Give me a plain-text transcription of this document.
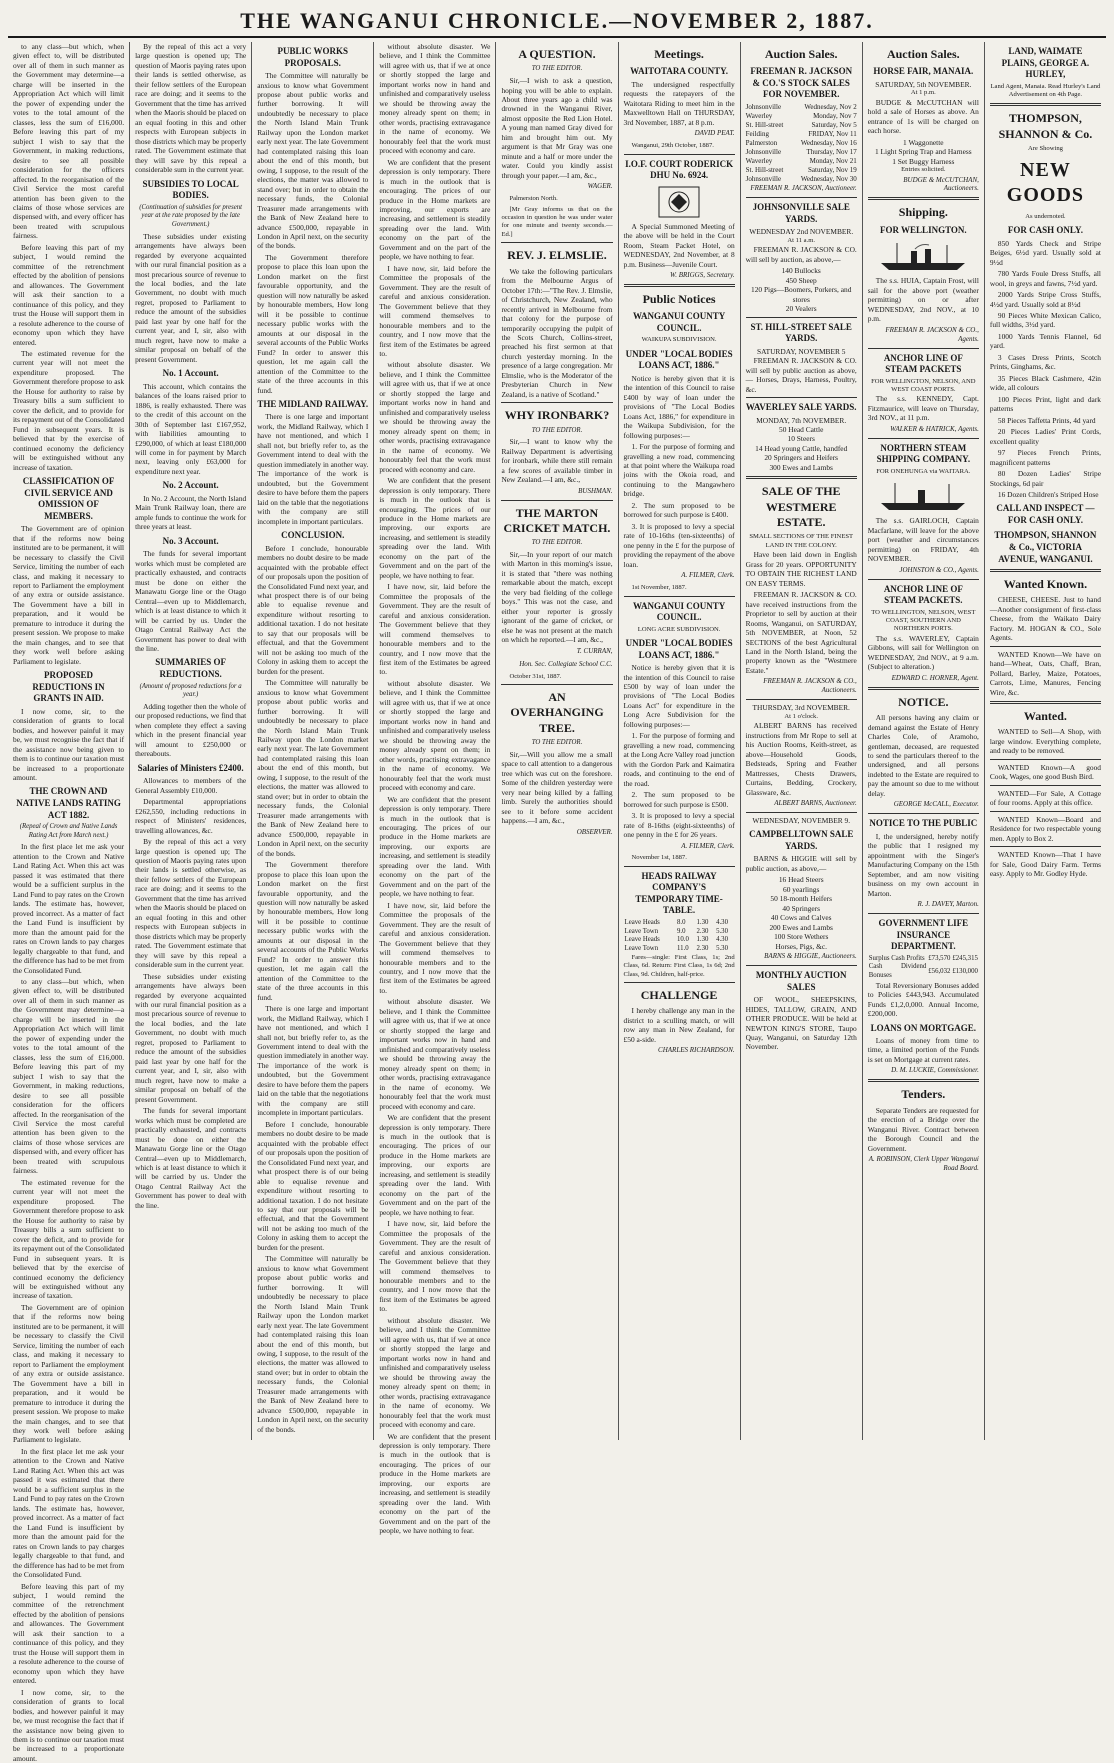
THE WANGANUI CHRONICLE.—NOVEMBER 2, 1887.

to any class—but which, when given effect to, will be distributed over all of them in such manner as the Government may determine—a charge will be inserted in the Appropriation Act which will limit the power of expending under the votes to the total amount of the classes, less the sum of £16,000. Before leaving this part of my subject I wish to say that the Government, in making reductions, desire to see all possible consideration for the officers affected. In the reorganisation of the Civil Service the most careful attention has been given to the claims of those whose services are dispensed with, and every officer has been treated with scrupulous fairness.

Before leaving this part of my subject, I would remind the committee of the retrenchment effected by the abolition of pensions and allowances. The Government will ask their sanction to a continuance of this policy, and they trust the House will support them in a resolute adherence to the course of economy upon which they have entered.

The estimated revenue for the current year will not meet the expenditure proposed. The Government therefore propose to ask the House for authority to raise by Treasury bills a sum sufficient to cover the deficit, and to provide for its repayment out of the Consolidated Fund in subsequent years. It is believed that by the exercise of continued economy the deficiency will be extinguished without any increase of taxation.

CLASSIFICATION OF CIVIL SERVICE AND OMISSION OF MEMBERS.

The Government are of opinion that if the reforms now being instituted are to be permanent, it will be necessary to classify the Civil Service, limiting the number of each class, and making it necessary to report to Parliament the employment of any extra or outside assistance. The Government have a bill in preparation, and it would be premature to introduce it during the present session. We propose to make the main changes, and to see that they work well before asking Parliament to legislate.

PROPOSED REDUCTIONS IN GRANTS IN AID.

I now come, sir, to the consideration of grants to local bodies, and however painful it may be, we must recognise the fact that if the assistance now being given to them is to continue our taxation must be increased to a proportionate amount.

THE CROWN AND NATIVE LANDS RATING ACT 1882.
(Repeal of Crown and Native Lands Rating Act from March next.)

In the first place let me ask your attention to the Crown and Native Land Rating Act. When this act was passed it was estimated that there would be a sufficient surplus in the Land Fund to pay rates on the Crown lands. The estimate has, however, proved incorrect. As a matter of fact the Land Fund is insufficient by more than the amount paid for the rates on Crown lands to pay charges legally chargeable to that fund, and the difference has had to be met from the Consolidated Fund.

to any class—but which, when given effect to, will be distributed over all of them in such manner as the Government may determine—a charge will be inserted in the Appropriation Act which will limit the power of expending under the votes to the total amount of the classes, less the sum of £16,000. Before leaving this part of my subject I wish to say that the Government, in making reductions, desire to see all possible consideration for the officers affected. In the reorganisation of the Civil Service the most careful attention has been given to the claims of those whose services are dispensed with, and every officer has been treated with scrupulous fairness.

The estimated revenue for the current year will not meet the expenditure proposed. The Government therefore propose to ask the House for authority to raise by Treasury bills a sum sufficient to cover the deficit, and to provide for its repayment out of the Consolidated Fund in subsequent years. It is believed that by the exercise of continued economy the deficiency will be extinguished without any increase of taxation.

The Government are of opinion that if the reforms now being instituted are to be permanent, it will be necessary to classify the Civil Service, limiting the number of each class, and making it necessary to report to Parliament the employment of any extra or outside assistance. The Government have a bill in preparation, and it would be premature to introduce it during the present session. We propose to make the main changes, and to see that they work well before asking Parliament to legislate.

In the first place let me ask your attention to the Crown and Native Land Rating Act. When this act was passed it was estimated that there would be a sufficient surplus in the Land Fund to pay rates on the Crown lands. The estimate has, however, proved incorrect. As a matter of fact the Land Fund is insufficient by more than the amount paid for the rates on Crown lands to pay charges legally chargeable to that fund, and the difference has had to be met from the Consolidated Fund.

Before leaving this part of my subject, I would remind the committee of the retrenchment effected by the abolition of pensions and allowances. The Government will ask their sanction to a continuance of this policy, and they trust the House will support them in a resolute adherence to the course of economy upon which they have entered.

I now come, sir, to the consideration of grants to local bodies, and however painful it may be, we must recognise the fact that if the assistance now being given to them is to continue our taxation must be increased to a proportionate amount.

By the repeal of this act a very large question is opened up; The question of Maoris paying rates upon their lands is settled otherwise, as their fellow settlers of the European race are doing; and it seems to the Government that the time has arrived when the Maoris should be placed on an equal footing in this and other respects with European subjects in those districts which may be properly rated. The Government estimate that they will save by this repeal a considerable sum in the current year.

SUBSIDIES TO LOCAL BODIES.
(Continuation of subsidies for present year at the rate proposed by the late Government.)

These subsidies under existing arrangements have always been regarded by everyone acquainted with our rural financial position as a most precarious source of revenue to the local bodies, and the late Government, no doubt with much regret, proposed to Parliament to reduce the amount of the subsidies paid last year by one half for the current year, and I, sir, also with much regret, have now to make a similar proposal on behalf of the present Government.

No. 1 Account.

This account, which contains the balances of the loans raised prior to 1886, is really exhausted. There was to the credit of this account on the 30th of September last £167,952, with liabilities amounting to £290,000, of which at least £180,000 will come in for payment by March next, leaving only £63,000 for expenditure next year.

No. 2 Account.

In No. 2 Account, the North Island Main Trunk Railway loan, there are ample funds to continue the work for three years at least.

No. 3 Account.

The funds for several important works which must be completed are practically exhausted, and contracts must be done on either the Manawatu Gorge line or the Otago Central—even up to Middlemarch, which is at least distance to which it will be carried by us. Under the Otago Central Railway Act the Government has power to deal with the line.

SUMMARIES OF REDUCTIONS.
(Amount of proposed reductions for a year.)

Adding together then the whole of our proposed reductions, we find that when complete they effect a saving which in the present financial year will amount to £250,000 or thereabouts.

Salaries of Ministers £2400.

Allowances to members of the General Assembly £10,000.

Departmental appropriations £262,550, including reductions in respect of Ministers' residences, travelling allowances, &c.

By the repeal of this act a very large question is opened up; The question of Maoris paying rates upon their lands is settled otherwise, as their fellow settlers of the European race are doing; and it seems to the Government that the time has arrived when the Maoris should be placed on an equal footing in this and other respects with European subjects in those districts which may be properly rated. The Government estimate that they will save by this repeal a considerable sum in the current year.

These subsidies under existing arrangements have always been regarded by everyone acquainted with our rural financial position as a most precarious source of revenue to the local bodies, and the late Government, no doubt with much regret, proposed to Parliament to reduce the amount of the subsidies paid last year by one half for the current year, and I, sir, also with much regret, have now to make a similar proposal on behalf of the present Government.

The funds for several important works which must be completed are practically exhausted, and contracts must be done on either the Manawatu Gorge line or the Otago Central—even up to Middlemarch, which is at least distance to which it will be carried by us. Under the Otago Central Railway Act the Government has power to deal with the line.

PUBLIC WORKS PROPOSALS.

The Committee will naturally be anxious to know what Government propose about public works and further borrowing. It will undoubtedly be necessary to place the North Island Main Trunk Railway upon the London market early next year. The late Government had contemplated raising this loan about the end of this month, but owing, I suppose, to the result of the elections, the matter was allowed to stand over; but in order to obtain the necessary funds, the Colonial Treasurer made arrangements with the Bank of New Zealand here to advance £500,000, repayable in London in April next, on the security of the bonds.

The Government therefore propose to place this loan upon the London market on the first favourable opportunity, and the question will now naturally be asked by honourable members, How long will it be possible to continue necessary public works with the amounts at our disposal in the several accounts of the Public Works Fund? In order to answer this question, let me again call the attention of the Committee to the state of the three accounts in this fund.

THE MIDLAND RAILWAY.

There is one large and important work, the Midland Railway, which I have not mentioned, and which I shall not, but briefly refer to, as the Government intend to deal with the question immediately in another way. The importance of the work is undoubted, but the Government desire to have before them the papers laid on the table that the negotiations with the company are still incomplete in important particulars.

CONCLUSION.

Before I conclude, honourable members no doubt desire to be made acquainted with the probable effect of our proposals upon the position of the Consolidated Fund next year, and what prospect there is of our being able to equalise revenue and expenditure without resorting to additional taxation. I do not hesitate to say that our proposals will be effectual, and that the Government will not be asking too much of the Colony in asking them to accept the burden for the present.

The Committee will naturally be anxious to know what Government propose about public works and further borrowing. It will undoubtedly be necessary to place the North Island Main Trunk Railway upon the London market early next year. The late Government had contemplated raising this loan about the end of this month, but owing, I suppose, to the result of the elections, the matter was allowed to stand over; but in order to obtain the necessary funds, the Colonial Treasurer made arrangements with the Bank of New Zealand here to advance £500,000, repayable in London in April next, on the security of the bonds.

The Government therefore propose to place this loan upon the London market on the first favourable opportunity, and the question will now naturally be asked by honourable members, How long will it be possible to continue necessary public works with the amounts at our disposal in the several accounts of the Public Works Fund? In order to answer this question, let me again call the attention of the Committee to the state of the three accounts in this fund.

There is one large and important work, the Midland Railway, which I have not mentioned, and which I shall not, but briefly refer to, as the Government intend to deal with the question immediately in another way. The importance of the work is undoubted, but the Government desire to have before them the papers laid on the table that the negotiations with the company are still incomplete in important particulars.

Before I conclude, honourable members no doubt desire to be made acquainted with the probable effect of our proposals upon the position of the Consolidated Fund next year, and what prospect there is of our being able to equalise revenue and expenditure without resorting to additional taxation. I do not hesitate to say that our proposals will be effectual, and that the Government will not be asking too much of the Colony in asking them to accept the burden for the present.

The Committee will naturally be anxious to know what Government propose about public works and further borrowing. It will undoubtedly be necessary to place the North Island Main Trunk Railway upon the London market early next year. The late Government had contemplated raising this loan about the end of this month, but owing, I suppose, to the result of the elections, the matter was allowed to stand over; but in order to obtain the necessary funds, the Colonial Treasurer made arrangements with the Bank of New Zealand here to advance £500,000, repayable in London in April next, on the security of the bonds.

without absolute disaster. We believe, and I think the Committee will agree with us, that if we at once or shortly stopped the large and important works now in hand and unfinished and comparatively useless we should be throwing away the money already spent on them; in other words, practising extravagance in the name of economy. We honourably feel that the work must proceed with economy and care.

We are confident that the present depression is only temporary. There is much in the outlook that is encouraging. The prices of our produce in the Home markets are improving, our exports are increasing, and settlement is steadily spreading over the land. With economy on the part of the Government and on the part of the people, we have nothing to fear.

I have now, sir, laid before the Committee the proposals of the Government. They are the result of careful and anxious consideration. The Government believe that they will commend themselves to honourable members and to the country, and I now move that the first item of the Estimates be agreed to.

without absolute disaster. We believe, and I think the Committee will agree with us, that if we at once or shortly stopped the large and important works now in hand and unfinished and comparatively useless we should be throwing away the money already spent on them; in other words, practising extravagance in the name of economy. We honourably feel that the work must proceed with economy and care.

We are confident that the present depression is only temporary. There is much in the outlook that is encouraging. The prices of our produce in the Home markets are improving, our exports are increasing, and settlement is steadily spreading over the land. With economy on the part of the Government and on the part of the people, we have nothing to fear.

I have now, sir, laid before the Committee the proposals of the Government. They are the result of careful and anxious consideration. The Government believe that they will commend themselves to honourable members and to the country, and I now move that the first item of the Estimates be agreed to.

without absolute disaster. We believe, and I think the Committee will agree with us, that if we at once or shortly stopped the large and important works now in hand and unfinished and comparatively useless we should be throwing away the money already spent on them; in other words, practising extravagance in the name of economy. We honourably feel that the work must proceed with economy and care.

We are confident that the present depression is only temporary. There is much in the outlook that is encouraging. The prices of our produce in the Home markets are improving, our exports are increasing, and settlement is steadily spreading over the land. With economy on the part of the Government and on the part of the people, we have nothing to fear.

I have now, sir, laid before the Committee the proposals of the Government. They are the result of careful and anxious consideration. The Government believe that they will commend themselves to honourable members and to the country, and I now move that the first item of the Estimates be agreed to.

without absolute disaster. We believe, and I think the Committee will agree with us, that if we at once or shortly stopped the large and important works now in hand and unfinished and comparatively useless we should be throwing away the money already spent on them; in other words, practising extravagance in the name of economy. We honourably feel that the work must proceed with economy and care.

We are confident that the present depression is only temporary. There is much in the outlook that is encouraging. The prices of our produce in the Home markets are improving, our exports are increasing, and settlement is steadily spreading over the land. With economy on the part of the Government and on the part of the people, we have nothing to fear.

I have now, sir, laid before the Committee the proposals of the Government. They are the result of careful and anxious consideration. The Government believe that they will commend themselves to honourable members and to the country, and I now move that the first item of the Estimates be agreed to.

without absolute disaster. We believe, and I think the Committee will agree with us, that if we at once or shortly stopped the large and important works now in hand and unfinished and comparatively useless we should be throwing away the money already spent on them; in other words, practising extravagance in the name of economy. We honourably feel that the work must proceed with economy and care.

We are confident that the present depression is only temporary. There is much in the outlook that is encouraging. The prices of our produce in the Home markets are improving, our exports are increasing, and settlement is steadily spreading over the land. With economy on the part of the Government and on the part of the people, we have nothing to fear.

A QUESTION.
TO THE EDITOR.

Sir,—I wish to ask a question, hoping you will be able to explain. About three years ago a child was drowned in the Wanganui River, almost opposite the Red Lion Hotel. A young man named Gray dived for him and brought him out. My argument is that Mr Gray was one minute and a half or more under the water. Could you kindly assist through your paper.—I am, &c.,

WAGER.

Palmerston North.

[Mr Gray informs us that on the occasion in question he was under water for one minute and twenty seconds.—Ed.]

REV. J. ELMSLIE.

We take the following particulars from the Melbourne Argus of October 17th:—"The Rev. J. Elmslie, of Christchurch, New Zealand, who recently arrived in Melbourne from that colony for the purpose of temporarily occupying the pulpit of the Scots Church, Collins-street, preached his first sermon at that church yesterday morning. In the presence of a large congregation. Mr Elmslie, who is the Moderator of the Presbyterian Church in New Zealand, is a native of Scotland."

WHY IRONBARK?
TO THE EDITOR.

Sir,—I want to know why the Railway Department is advertising for ironbark, while there still remain a few scores of available timber in New Zealand.—I am, &c.,

BUSHMAN.
THE MARTON CRICKET MATCH.
TO THE EDITOR.

Sir,—In your report of our match with Marton in this morning's issue, it is stated that "there was nothing remarkable about the match, except the very bad fielding of the college boys." This was not the case, and either your reporter is grossly ignorant of the game of cricket, or else he was not present at the match on which he reported.—I am, &c.,

T. CURRAN,
Hon. Sec. Collegiate School C.C.

October 31st, 1887.

AN OVERHANGING TREE.
TO THE EDITOR.

Sir,—Will you allow me a small space to call attention to a dangerous tree which was cut on the foreshore. Some of the children yesterday were very near being killed by a falling limb. Surely the authorities should see to it before some accident happens.—I am, &c.,

OBSERVER.
Meetings.
WAITOTARA COUNTY.

The undersigned respectfully requests the ratepayers of the Waitotara Riding to meet him in the Maxwelltown Hall on THURSDAY, 3rd November, 1887, at 8 p.m.

DAVID PEAT.

Wanganui, 29th October, 1887.

I.O.F. COURT RODERICK DHU No. 6924.

A Special Summoned Meeting of the above will be held in the Court Room, Steam Packet Hotel, on WEDNESDAY, 2nd November, at 8 p.m. Business—Juvenile Court.

W. BRIGGS, Secretary.
Public Notices
WANGANUI COUNTY COUNCIL.
WAIKUPA SUBDIVISION.
UNDER "LOCAL BODIES LOANS ACT, 1886."

Notice is hereby given that it is the intention of this Council to raise £400 by way of loan under the provisions of "The Local Bodies Loans Act, 1886," for expenditure in the Waikupa Subdivision, for the following purposes:—

1. For the purpose of forming and gravelling a new road, commencing at that point where the Waikupa road joins with the Okoia road, and continuing to the Mangawhero bridge.

2. The sum proposed to be borrowed for such purpose is £400.

3. It is proposed to levy a special rate of 10-16ths (ten-sixteenths) of one penny in the £ for the purpose of providing the repayment of the above loan.

A. FILMER, Clerk.

1st November, 1887.

WANGANUI COUNTY COUNCIL.
LONG ACRE SUBDIVISION.
UNDER "LOCAL BODIES LOANS ACT, 1886."

Notice is hereby given that it is the intention of this Council to raise £500 by way of loan under the provisions of "The Local Bodies Loans Act" for expenditure in the Long Acre Subdivision for the following purposes:—

1. For the purpose of forming and gravelling a new road, commencing at the Long Acre Valley road junction with the Gordon Park and Kaimatira roads, and continuing to the end of the road.

2. The sum proposed to be borrowed for such purpose is £500.

3. It is proposed to levy a special rate of 8-16ths (eight-sixteenths) of one penny in the £ for 26 years.

A. FILMER, Clerk.

November 1st, 1887.

HEADS RAILWAY COMPANY'S TEMPORARY TIME-TABLE.
Leave Heads	8.0	1.30	4.30
Leave Town	9.0	2.30	5.30
Leave Heads	10.0	1.30	4.30
Leave Town	11.0	2.30	5.30

Fares—single: First Class, 1s; 2nd Class, 6d. Return: First Class, 1s 6d; 2nd Class, 9d. Children, half-price.

CHALLENGE

I hereby challenge any man in the district to a sculling match, or will row any man in New Zealand, for £50 a-side.

CHARLES RICHARDSON.
Auction Sales.
FREEMAN R. JACKSON & CO.'S STOCK SALES FOR NOVEMBER.
Johnsonville	Wednesday, Nov 2
Waverley	Monday, Nov 7
St. Hill-street	Saturday, Nov 5
Feilding	FRIDAY, Nov 11
Palmerston	Wednesday, Nov 16
Johnsonville	Thursday, Nov 17
Waverley	Monday, Nov 21
St. Hill-street	Saturday, Nov 19
Johnsonville	Wednesday, Nov 30
FREEMAN R. JACKSON, Auctioneer.
JOHNSONVILLE SALE YARDS.
WEDNESDAY 2nd NOVEMBER.
At 11 a.m.

FREEMAN R. JACKSON & CO. will sell by auction, as above,—

140 Bullocks
450 Sheep
120 Pigs—Boomers, Porkers, and stores
20 Vealers
ST. HILL-STREET SALE YARDS.
SATURDAY, NOVEMBER 5

FREEMAN R. JACKSON & CO. will sell by public auction as above,— Horses, Drays, Harness, Poultry, &c.

WAVERLEY SALE YARDS.
MONDAY, 7th NOVEMBER.
50 Head Cattle
10 Steers
14 Head young Cattle, handfed
20 Springers and Heifers
300 Ewes and Lambs
SALE OF THE WESTMERE ESTATE.
SMALL SECTIONS OF THE FINEST LAND IN THE COLONY.

Have been laid down in English Grass for 20 years. OPPORTUNITY TO OBTAIN THE RICHEST LAND ON EASY TERMS.

FREEMAN R. JACKSON & CO. have received instructions from the Proprietor to sell by auction at their Rooms, Wanganui, on SATURDAY, 5th NOVEMBER, at Noon, 52 SECTIONS of the best Agricultural Land in the North Island, being the property known as the "Westmere Estate."

FREEMAN R. JACKSON & CO., Auctioneers.
THURSDAY, 3rd NOVEMBER.
At 1 o'clock.

ALBERT BARNS has received instructions from Mr Rope to sell at his Auction Rooms, Keith-street, as above—Household Goods, Bedsteads, Spring and Feather Mattresses, Chests Drawers, Curtains, Bedding, Crockery, Glassware, &c.

ALBERT BARNS, Auctioneer.
WEDNESDAY, NOVEMBER 9.
CAMPBELLTOWN SALE YARDS.

BARNS & HIGGIE will sell by public auction, as above,—

16 Head Steers
60 yearlings
50 18-month Heifers
40 Springers
40 Cows and Calves
200 Ewes and Lambs
100 Store Wethers
Horses, Pigs, &c.
BARNS & HIGGIE, Auctioneers.
MONTHLY AUCTION SALES

OF WOOL, SHEEPSKINS, HIDES, TALLOW, GRAIN, AND OTHER PRODUCE. Will be held at NEWTON KING'S STORE, Taupo Quay, Wanganui, on Saturday 12th November.

Auction Sales.
HORSE FAIR, MANAIA.
SATURDAY, 5th NOVEMBER.
At 1 p.m.

BUDGE & McCUTCHAN will hold a sale of Horses as above. An entrance of 1s will be charged on each horse.

1 Waggonette
1 Light Spring Trap and Harness
1 Set Buggy Harness
Entries solicited.
BUDGE & McCUTCHAN, Auctioneers.
Shipping.
FOR WELLINGTON.

The s.s. HUIA, Captain Frost, will sail for the above port (weather permitting) on or after WEDNESDAY, 2nd NOV., at 10 p.m.

FREEMAN R. JACKSON & CO., Agents.
ANCHOR LINE OF STEAM PACKETS
FOR WELLINGTON, NELSON, AND WEST COAST PORTS.

The s.s. KENNEDY, Capt. Fitzmaurice, will leave on Thursday, 3rd NOV., at 11 p.m.

WALKER & HATRICK, Agents.
NORTHERN STEAM SHIPPING COMPANY.
FOR ONEHUNGA via WAITARA.

The s.s. GAIRLOCH, Captain Macfarlane, will leave for the above port (weather and circumstances permitting) on FRIDAY, 4th NOVEMBER.

JOHNSTON & CO., Agents.
ANCHOR LINE OF STEAM PACKETS.
TO WELLINGTON, NELSON, WEST COAST, SOUTHERN AND NORTHERN PORTS.

The s.s. WAVERLEY, Captain Gibbons, will sail for Wellington on WEDNESDAY, 2nd NOV., at 9 a.m. (Subject to alteration.)

EDWARD C. HORNER, Agent.
NOTICE.

All persons having any claim or demand against the Estate of Henry Charles Cole, of Aramoho, gentleman, deceased, are requested to send the particulars thereof to the undersigned, and all persons indebted to the Estate are required to pay the amount so due to me without delay.

GEORGE McCALL, Executor.
NOTICE TO THE PUBLIC

I, the undersigned, hereby notify the public that I resigned my appointment with the Singer's Manufacturing Company on the 15th September, and am now visiting business on my own account in Marton.

R. J. DAVEY, Marton.
GOVERNMENT LIFE INSURANCE DEPARTMENT.
Surplus Cash Profits	£73,570	£245,315
Cash Dividend Bonuses	£56,032	£130,000

Total Reversionary Bonuses added to Policies £443,943. Accumulated Funds £1,2,0,000. Annual Income, £200,000.

LOANS ON MORTGAGE.

Loans of money from time to time, a limited portion of the Funds is set on Mortgage at current rates.

D. M. LUCKIE, Commissioner.
Tenders.

Separate Tenders are requested for the erection of a Bridge over the Wanganui River. Contract between the Borough Council and the Government.

A. ROBINSON, Clerk Upper Wanganui Road Board.
LAND, WAIMATE PLAINS, GEORGE A. HURLEY,
Land Agent, Manaia. Read Hurley's Land Advertisement on 4th Page.
THOMPSON, SHANNON & Co.
Are Showing
NEW GOODS
As undernoted.
FOR CASH ONLY.

850 Yards Check and Stripe Beiges, 6½d yard. Usually sold at 9½d

780 Yards Foule Dress Stuffs, all wool, in greys and fawns, 7½d yard.

2000 Yards Stripe Cross Stuffs, 4½d yard. Usually sold at 8½d

90 Pieces White Mexican Calico, full widths, 3½d yard.

1000 Yards Tennis Flannel, 6d yard.

3 Cases Dress Prints, Scotch Prints, Ginghams, &c.

35 Pieces Black Cashmere, 42in wide, all colours

100 Pieces Print, light and dark patterns

58 Pieces Taffetta Prints, 4d yard

20 Pieces Ladies' Print Cords, excellent quality

97 Pieces French Prints, magnificent patterns

80 Dozen Ladies' Stripe Stockings, 6d pair

16 Dozen Children's Striped Hose

CALL AND INSPECT — FOR CASH ONLY.
THOMPSON, SHANNON & Co., VICTORIA AVENUE, WANGANUI.
Wanted Known.

CHEESE, CHEESE. Just to hand—Another consignment of first-class Cheese, from the Waikato Dairy Factory. M. HOGAN & CO., Sole Agents.

WANTED Known—We have on hand—Wheat, Oats, Chaff, Bran, Pollard, Barley, Maize, Potatoes, Carrots, Lime, Manures, Fencing Wire, &c.

Wanted.

WANTED to Sell—A Shop, with large window. Everything complete, and ready to be removed.

WANTED Known—A good Cook, Wages, one good Bush Bird.

WANTED—For Sale, A Cottage of four rooms. Apply at this office.

WANTED Known—Board and Residence for two respectable young men. Apply to Box 2.

WANTED Known—That I have for Sale, Good Dairy Farm. Terms easy. Apply to Mr. Godley Hyde.
